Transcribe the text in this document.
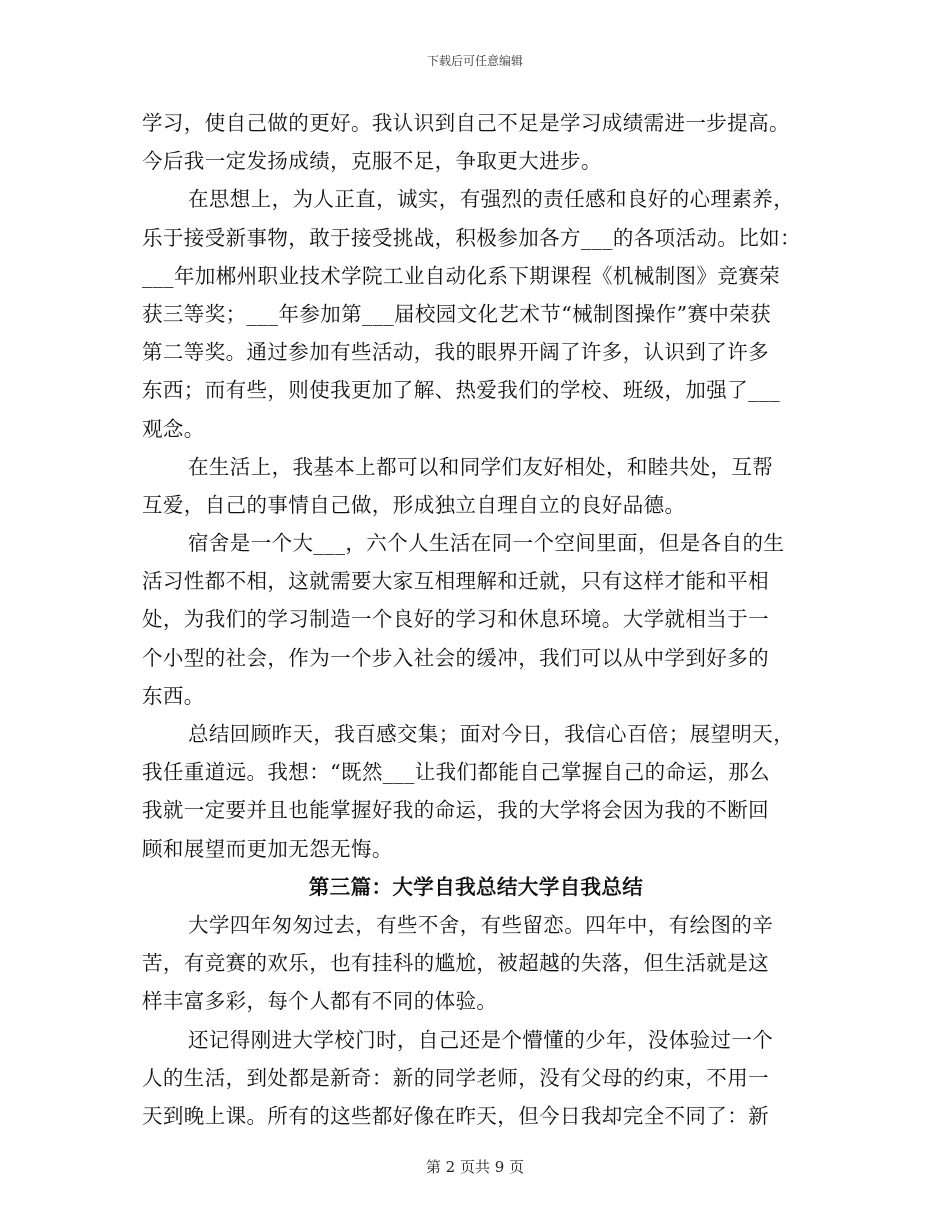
下载后可任意编辑
学习，使自己做的更好。我认识到自己不足是学习成绩需进一步提高。
今后我一定发扬成绩，克服不足，争取更大进步。
在思想上，为人正直，诚实，有强烈的责任感和良好的心理素养，
乐于接受新事物，敢于接受挑战，积极参加各方___的各项活动。比如：
___年加郴州职业技术学院工业自动化系下期课程《机械制图》竞赛荣
获三等奖；___年参加第___届校园文化艺术节“械制图操作”赛中荣获
第二等奖。通过参加有些活动，我的眼界开阔了许多，认识到了许多
东西；而有些，则使我更加了解、热爱我们的学校、班级，加强了___
观念。
在生活上，我基本上都可以和同学们友好相处，和睦共处，互帮
互爱，自己的事情自己做，形成独立自理自立的良好品德。
宿舍是一个大___，六个人生活在同一个空间里面，但是各自的生
活习性都不相，这就需要大家互相理解和迁就，只有这样才能和平相
处，为我们的学习制造一个良好的学习和休息环境。大学就相当于一
个小型的社会，作为一个步入社会的缓冲，我们可以从中学到好多的
东西。
总结回顾昨天，我百感交集；面对今日，我信心百倍；展望明天，
我任重道远。我想：“既然___让我们都能自己掌握自己的命运，那么
我就一定要并且也能掌握好我的命运，我的大学将会因为我的不断回
顾和展望而更加无怨无悔。
第三篇：大学自我总结大学自我总结
大学四年匆匆过去，有些不舍，有些留恋。四年中，有绘图的辛
苦，有竞赛的欢乐，也有挂科的尴尬，被超越的失落，但生活就是这
样丰富多彩，每个人都有不同的体验。
还记得刚进大学校门时，自己还是个懵懂的少年，没体验过一个
人的生活，到处都是新奇：新的同学老师，没有父母的约束，不用一
天到晚上课。所有的这些都好像在昨天，但今日我却完全不同了：新
第 2 页共 9 页
